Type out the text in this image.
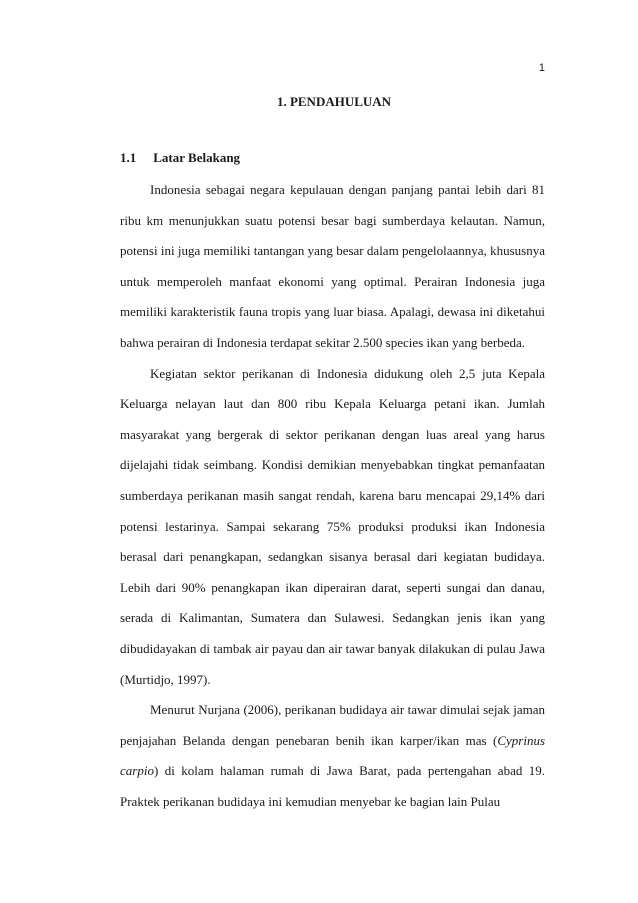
1
1. PENDAHULUAN
1.1 Latar Belakang

Indonesia sebagai negara kepulauan dengan panjang pantai lebih dari 81 ribu km menunjukkan suatu potensi besar bagi sumberdaya kelautan. Namun, potensi ini juga memiliki tantangan yang besar dalam pengelolaannya, khususnya untuk memperoleh manfaat ekonomi yang optimal. Perairan Indonesia juga memiliki karakteristik fauna tropis yang luar biasa. Apalagi, dewasa ini diketahui bahwa perairan di Indonesia terdapat sekitar 2.500 species ikan yang berbeda.

Kegiatan sektor perikanan di Indonesia didukung oleh 2,5 juta Kepala Keluarga nelayan laut dan 800 ribu Kepala Keluarga petani ikan. Jumlah masyarakat yang bergerak di sektor perikanan dengan luas areal yang harus dijelajahi tidak seimbang. Kondisi demikian menyebabkan tingkat pemanfaatan sumberdaya perikanan masih sangat rendah, karena baru mencapai 29,14% dari potensi lestarinya. Sampai sekarang 75% produksi produksi ikan Indonesia berasal dari penangkapan, sedangkan sisanya berasal dari kegiatan budidaya. Lebih dari 90% penangkapan ikan diperairan darat, seperti sungai dan danau, serada di Kalimantan, Sumatera dan Sulawesi. Sedangkan jenis ikan yang dibudidayakan di tambak air payau dan air tawar banyak dilakukan di pulau Jawa (Murtidjo, 1997).

Menurut Nurjana (2006), perikanan budidaya air tawar dimulai sejak jaman penjajahan Belanda dengan penebaran benih ikan karper/ikan mas (Cyprinus carpio) di kolam halaman rumah di Jawa Barat, pada pertengahan abad 19. Praktek perikanan budidaya ini kemudian menyebar ke bagian lain Pulau
